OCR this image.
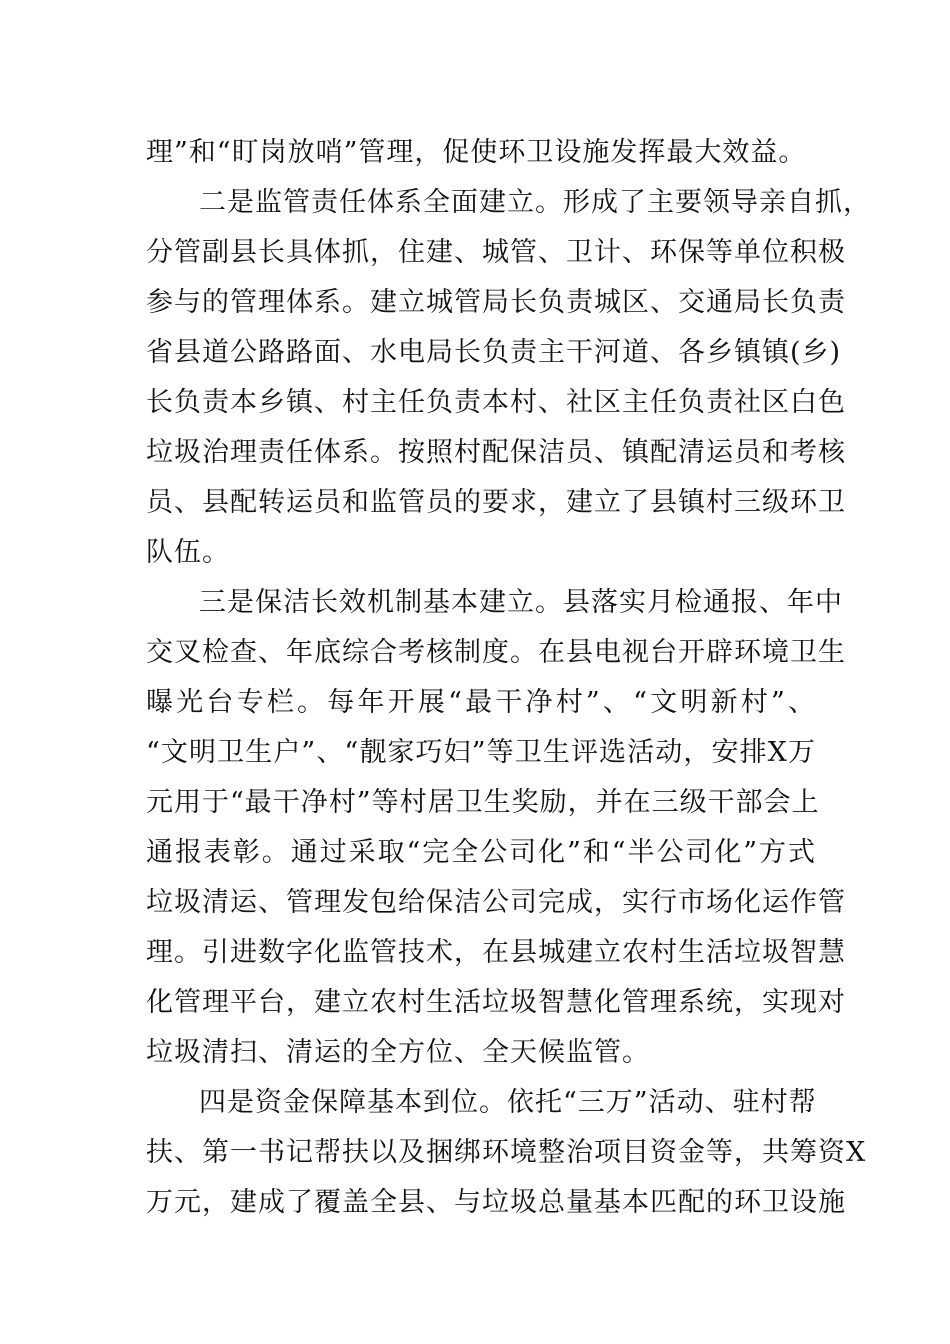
理”和“盯岗放哨”管理，促使环卫设施发挥最大效益。
二是监管责任体系全面建立。形成了主要领导亲自抓，
分管副县长具体抓，住建、城管、卫计、环保等单位积极
参与的管理体系。建立城管局长负责城区、交通局长负责
省县道公路路面、水电局长负责主干河道、各乡镇镇(乡)
长负责本乡镇、村主任负责本村、社区主任负责社区白色
垃圾治理责任体系。按照村配保洁员、镇配清运员和考核
员、县配转运员和监管员的要求，建立了县镇村三级环卫
队伍。
三是保洁长效机制基本建立。县落实月检通报、年中
交叉检查、年底综合考核制度。在县电视台开辟环境卫生
曝光台专栏。每年开展“最干净村”、“文明新村”、
“文明卫生户”、“靓家巧妇”等卫生评选活动，安排X万
元用于“最干净村”等村居卫生奖励，并在三级干部会上
通报表彰。通过采取“完全公司化”和“半公司化”方式
垃圾清运、管理发包给保洁公司完成，实行市场化运作管
理。引进数字化监管技术，在县城建立农村生活垃圾智慧
化管理平台，建立农村生活垃圾智慧化管理系统，实现对
垃圾清扫、清运的全方位、全天候监管。
四是资金保障基本到位。依托“三万”活动、驻村帮
扶、第一书记帮扶以及捆绑环境整治项目资金等，共筹资X
万元，建成了覆盖全县、与垃圾总量基本匹配的环卫设施
